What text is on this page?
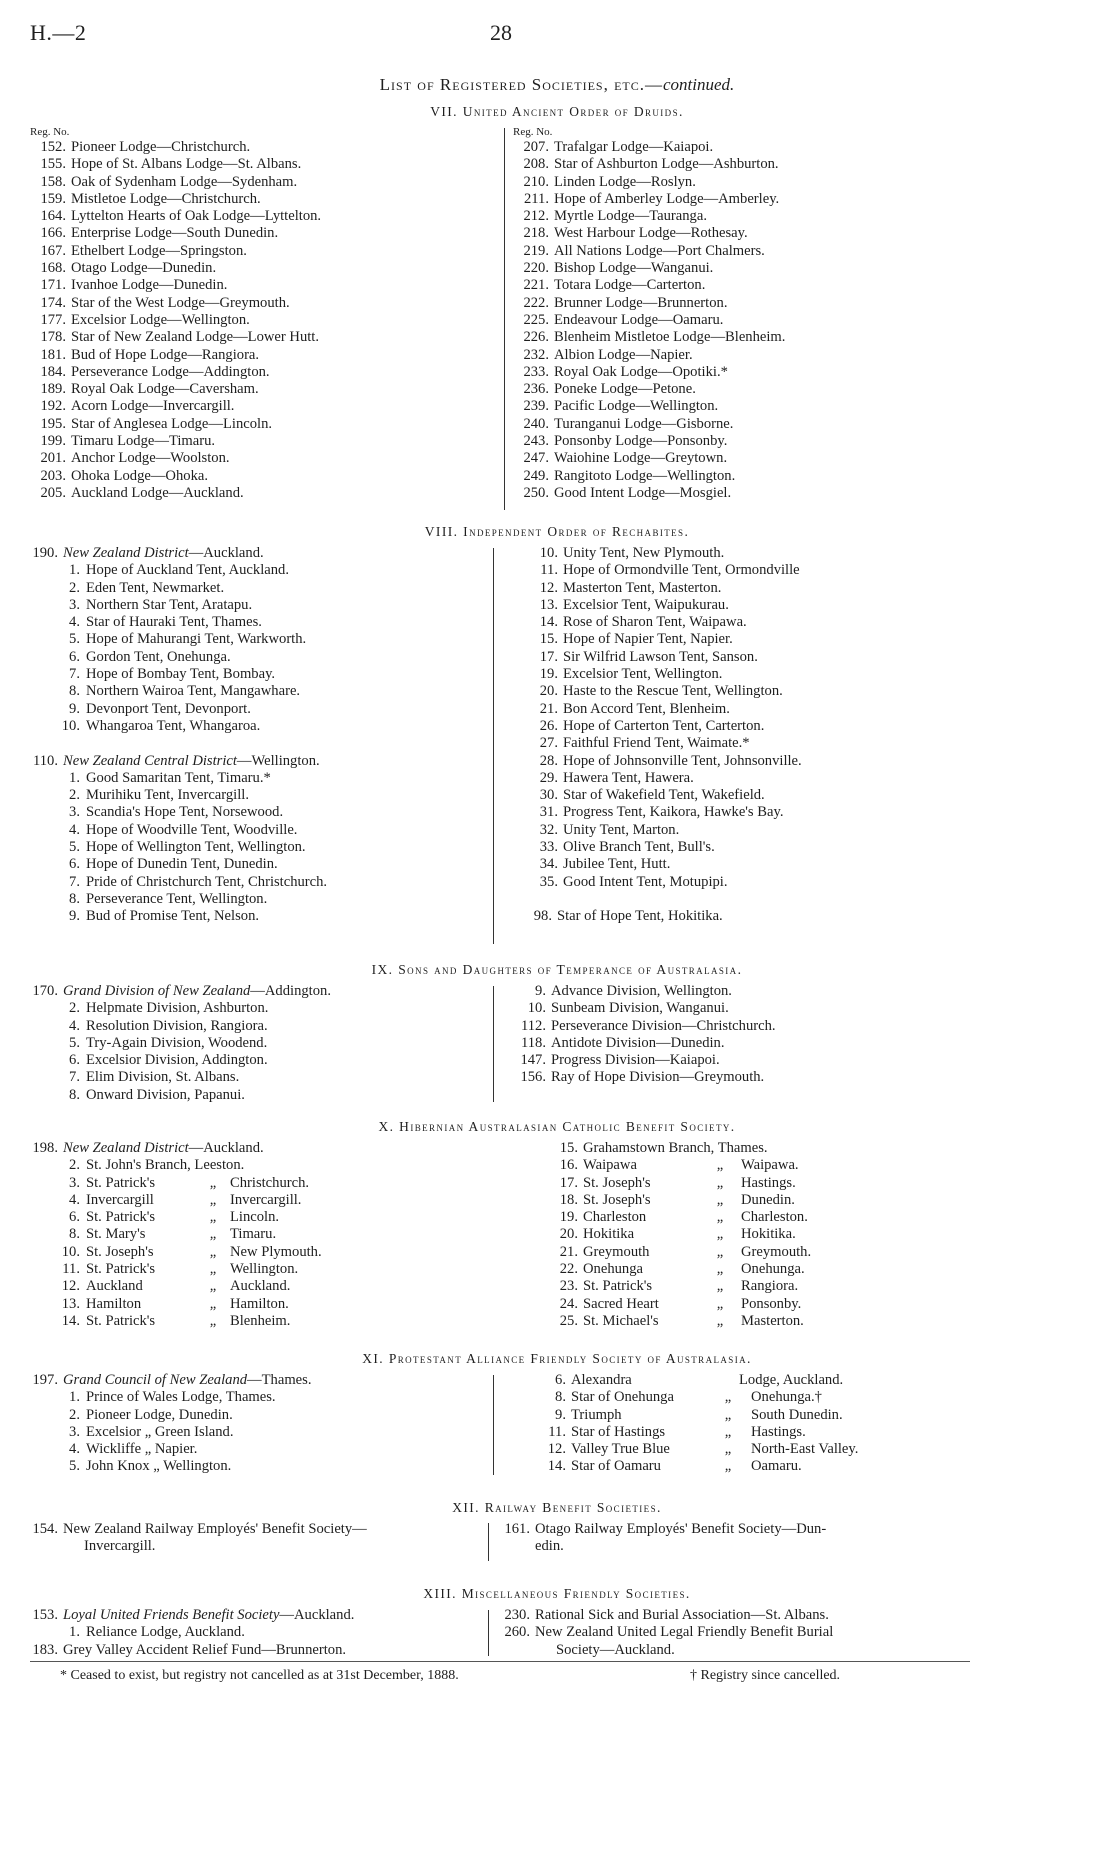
H.—2	28
List of Registered Societies, etc.—continued.
VII. United Ancient Order of Druids.
Reg. No.
152. Pioneer Lodge—Christchurch.
155. Hope of St. Albans Lodge—St. Albans.
158. Oak of Sydenham Lodge—Sydenham.
159. Mistletoe Lodge—Christchurch.
164. Lyttelton Hearts of Oak Lodge—Lyttelton.
166. Enterprise Lodge—South Dunedin.
167. Ethelbert Lodge—Springston.
168. Otago Lodge—Dunedin.
171. Ivanhoe Lodge—Dunedin.
174. Star of the West Lodge—Greymouth.
177. Excelsior Lodge—Wellington.
178. Star of New Zealand Lodge—Lower Hutt.
181. Bud of Hope Lodge—Rangiora.
184. Perseverance Lodge—Addington.
189. Royal Oak Lodge—Caversham.
192. Acorn Lodge—Invercargill.
195. Star of Anglesea Lodge—Lincoln.
199. Timaru Lodge—Timaru.
201. Anchor Lodge—Woolston.
203. Ohoka Lodge—Ohoka.
205. Auckland Lodge—Auckland.
Reg. No.
207. Trafalgar Lodge—Kaiapoi.
208. Star of Ashburton Lodge—Ashburton.
210. Linden Lodge—Roslyn.
211. Hope of Amberley Lodge—Amberley.
212. Myrtle Lodge—Tauranga.
218. West Harbour Lodge—Rothesay.
219. All Nations Lodge—Port Chalmers.
220. Bishop Lodge—Wanganui.
221. Totara Lodge—Carterton.
222. Brunner Lodge—Brunnerton.
225. Endeavour Lodge—Oamaru.
226. Blenheim Mistletoe Lodge—Blenheim.
232. Albion Lodge—Napier.
233. Royal Oak Lodge—Opotiki.*
236. Poneke Lodge—Petone.
239. Pacific Lodge—Wellington.
240. Turanganui Lodge—Gisborne.
243. Ponsonby Lodge—Ponsonby.
247. Waiohine Lodge—Greytown.
249. Rangitoto Lodge—Wellington.
250. Good Intent Lodge—Mosgiel.
VIII. Independent Order of Rechabites.
190. New Zealand District—Auckland.
1. Hope of Auckland Tent, Auckland.
2. Eden Tent, Newmarket.
3. Northern Star Tent, Aratapu.
4. Star of Hauraki Tent, Thames.
5. Hope of Mahurangi Tent, Warkworth.
6. Gordon Tent, Onehunga.
7. Hope of Bombay Tent, Bombay.
8. Northern Wairoa Tent, Mangawhare.
9. Devonport Tent, Devonport.
10. Whangaroa Tent, Whangaroa.
110. New Zealand Central District—Wellington.
1. Good Samaritan Tent, Timaru.*
2. Murihiku Tent, Invercargill.
3. Scandia's Hope Tent, Norsewood.
4. Hope of Woodville Tent, Woodville.
5. Hope of Wellington Tent, Wellington.
6. Hope of Dunedin Tent, Dunedin.
7. Pride of Christchurch Tent, Christchurch.
8. Perseverance Tent, Wellington.
9. Bud of Promise Tent, Nelson.
10. Unity Tent, New Plymouth.
11. Hope of Ormondville Tent, Ormondville
12. Masterton Tent, Masterton.
13. Excelsior Tent, Waipukurau.
14. Rose of Sharon Tent, Waipawa.
15. Hope of Napier Tent, Napier.
17. Sir Wilfrid Lawson Tent, Sanson.
19. Excelsior Tent, Wellington.
20. Haste to the Rescue Tent, Wellington.
21. Bon Accord Tent, Blenheim.
26. Hope of Carterton Tent, Carterton.
27. Faithful Friend Tent, Waimate.*
28. Hope of Johnsonville Tent, Johnsonville.
29. Hawera Tent, Hawera.
30. Star of Wakefield Tent, Wakefield.
31. Progress Tent, Kaikora, Hawke's Bay.
32. Unity Tent, Marton.
33. Olive Branch Tent, Bull's.
34. Jubilee Tent, Hutt.
35. Good Intent Tent, Motupipi.
98. Star of Hope Tent, Hokitika.
IX. Sons and Daughters of Temperance of Australasia.
170. Grand Division of New Zealand—Addington.
2. Helpmate Division, Ashburton.
4. Resolution Division, Rangiora.
5. Try-Again Division, Woodend.
6. Excelsior Division, Addington.
7. Elim Division, St. Albans.
8. Onward Division, Papanui.
9. Advance Division, Wellington.
10. Sunbeam Division, Wanganui.
112. Perseverance Division—Christchurch.
118. Antidote Division—Dunedin.
147. Progress Division—Kaiapoi.
156. Ray of Hope Division—Greymouth.
X. Hibernian Australasian Catholic Benefit Society.
198. New Zealand District—Auckland.
2. St. John's Branch, Leeston.
3. St. Patrick's	„ Christchurch.
4. Invercargill	„ Invercargill.
6. St. Patrick's	„ Lincoln.
8. St. Mary's	„ Timaru.
10. St. Joseph's	„ New Plymouth.
11. St. Patrick's	„ Wellington.
12. Auckland	„ Auckland.
13. Hamilton	„ Hamilton.
14. St. Patrick's	„ Blenheim.
15. Grahamstown Branch, Thames.
16. Waipawa	„ Waipawa.
17. St. Joseph's	„ Hastings.
18. St. Joseph's	„ Dunedin.
19. Charleston	„ Charleston.
20. Hokitika	„ Hokitika.
21. Greymouth	„ Greymouth.
22. Onehunga	„ Onehunga.
23. St. Patrick's	„ Rangiora.
24. Sacred Heart	„ Ponsonby.
25. St. Michael's	„ Masterton.
XI. Protestant Alliance Friendly Society of Australasia.
197. Grand Council of New Zealand—Thames.
1. Prince of Wales Lodge, Thames.
2. Pioneer Lodge, Dunedin.
3. Excelsior „ Green Island.
4. Wickliffe „ Napier.
5. John Knox „ Wellington.
6. Alexandra	Lodge, Auckland.
8. Star of Onehunga	„ Onehunga.†
9. Triumph	„ South Dunedin.
11. Star of Hastings	„ Hastings.
12. Valley True Blue	„ North-East Valley.
14. Star of Oamaru	„ Oamaru.
XII. Railway Benefit Societies.
154. New Zealand Railway Employés' Benefit Society—
Invercargill.
161. Otago Railway Employés' Benefit Society—Dun-
edin.
XIII. Miscellaneous Friendly Societies.
153. Loyal United Friends Benefit Society—Auckland.
1. Reliance Lodge, Auckland.
183. Grey Valley Accident Relief Fund—Brunnerton.
230. Rational Sick and Burial Association—St. Albans.
260. New Zealand United Legal Friendly Benefit Burial
Society—Auckland.
* Ceased to exist, but registry not cancelled as at 31st December, 1888.	† Registry since cancelled.
